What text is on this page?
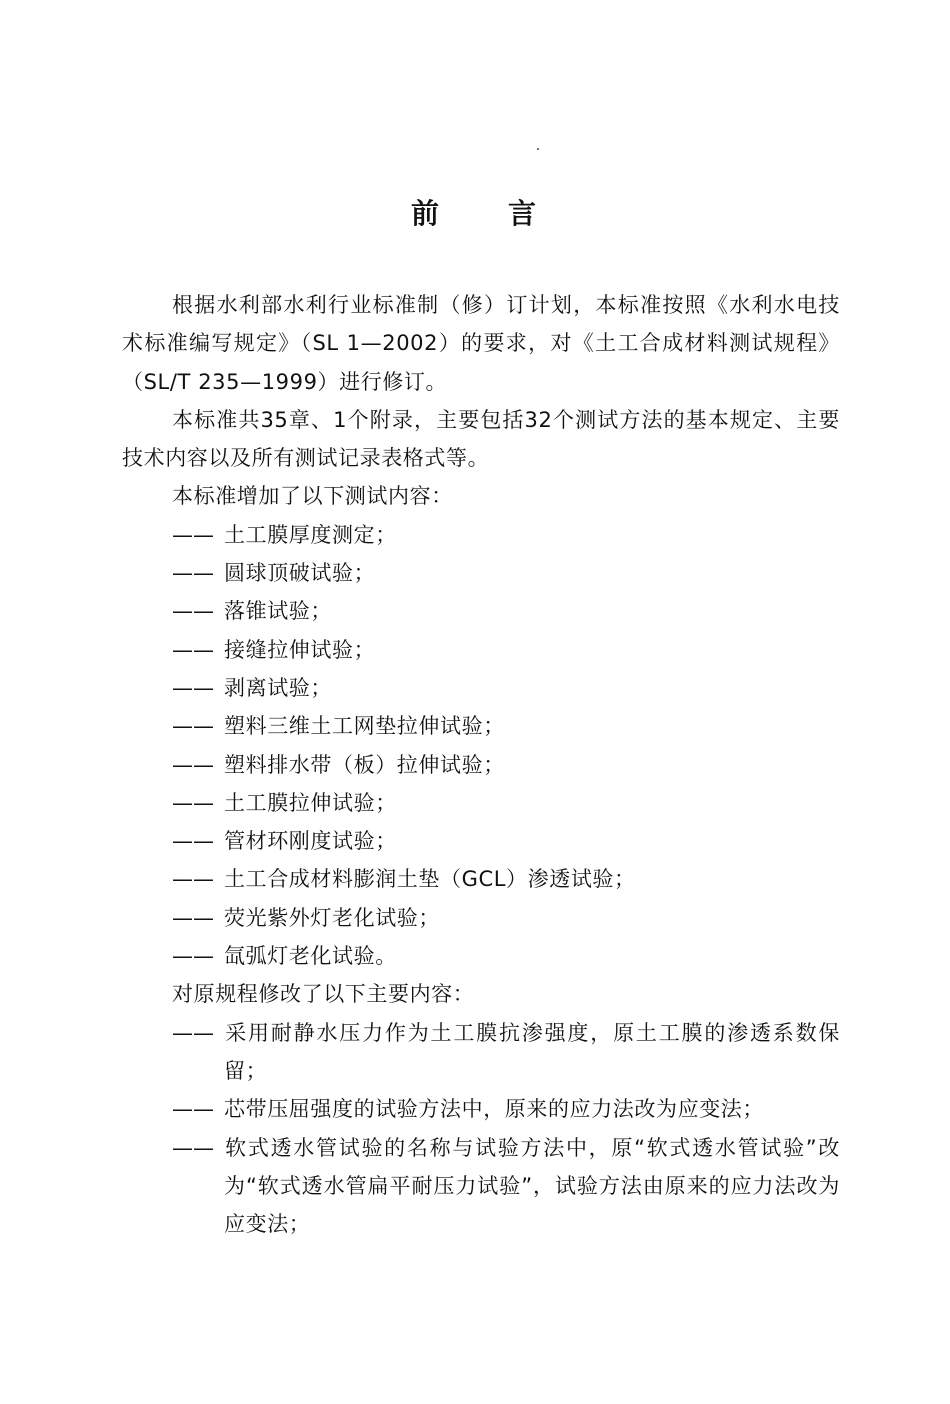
前 言

根据水利部水利行业标准制（修）订计划，本标准按照《水利水电技术标准编写规定》（SL 1—2002）的要求，对《土工合成材料测试规程》（SL/T 235—1999）进行修订。

本标准共35章、1个附录，主要包括32个测试方法的基本规定、主要技术内容以及所有测试记录表格式等。

本标准增加了以下测试内容：

—— 土工膜厚度测定；

—— 圆球顶破试验；

—— 落锥试验；

—— 接缝拉伸试验；

—— 剥离试验；

—— 塑料三维土工网垫拉伸试验；

—— 塑料排水带（板）拉伸试验；

—— 土工膜拉伸试验；

—— 管材环刚度试验；

—— 土工合成材料膨润土垫（GCL）渗透试验；

—— 荧光紫外灯老化试验；

—— 氙弧灯老化试验。

对原规程修改了以下主要内容：

—— 采用耐静水压力作为土工膜抗渗强度，原土工膜的渗透系数保留；

—— 芯带压屈强度的试验方法中，原来的应力法改为应变法；

—— 软式透水管试验的名称与试验方法中，原“软式透水管试验”改为“软式透水管扁平耐压力试验”，试验方法由原来的应力法改为应变法；
